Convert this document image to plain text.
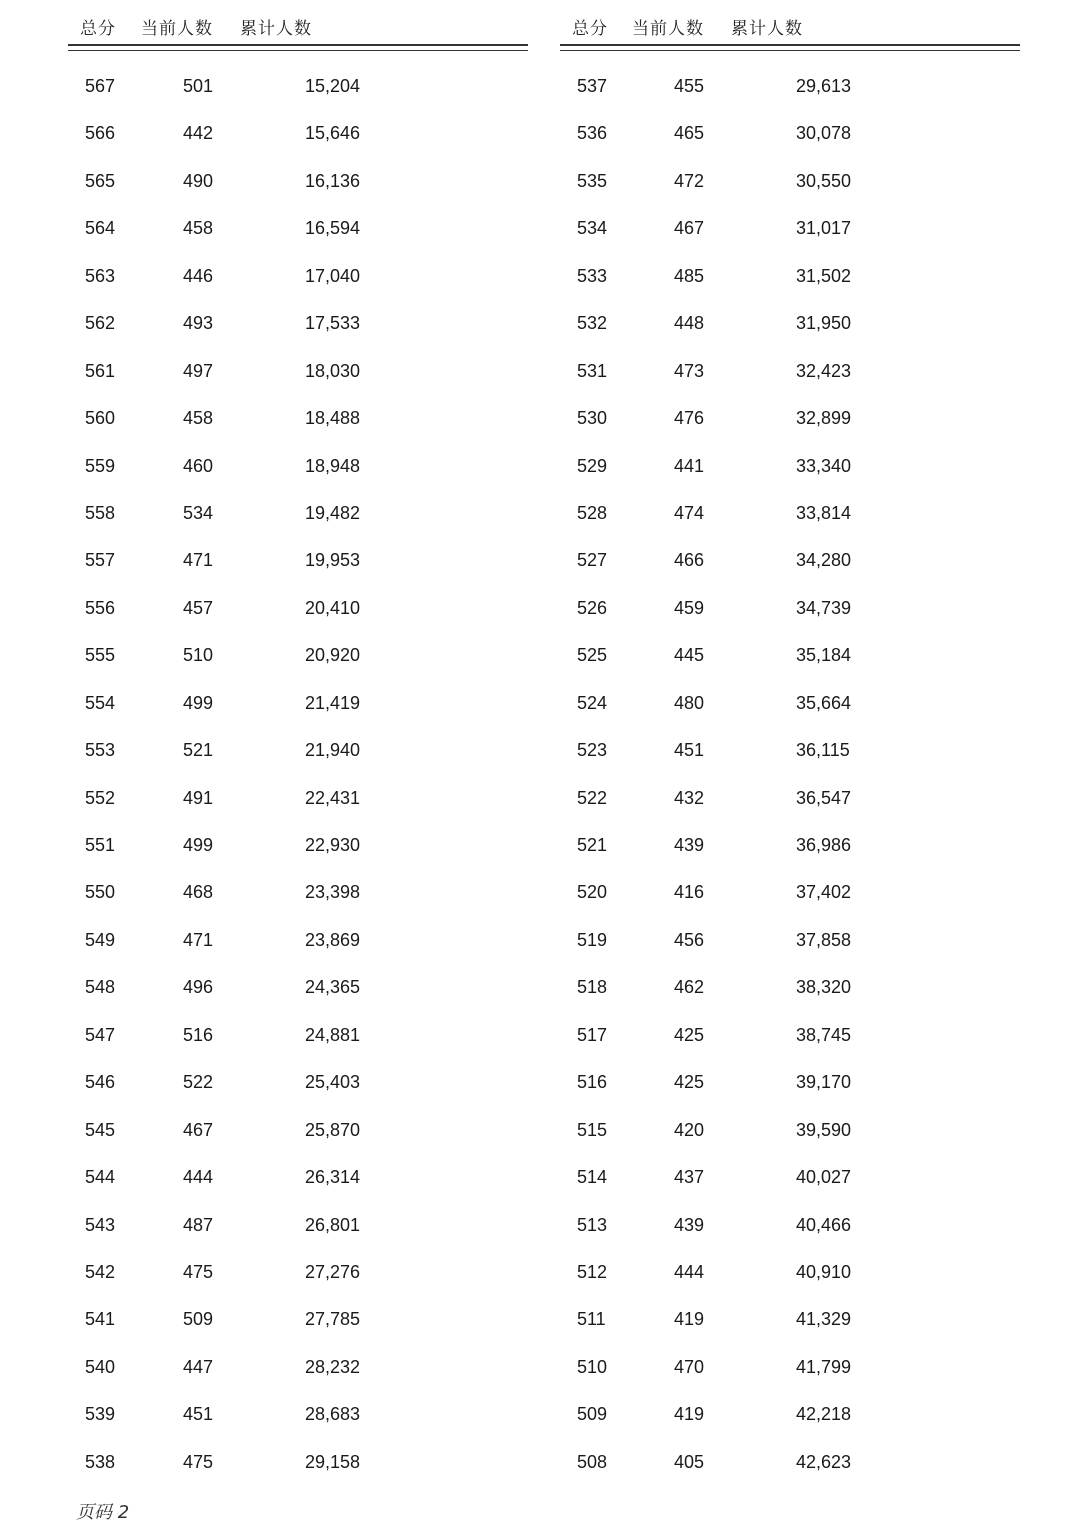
总分 当前人数 累计人数	总分 当前人数 累计人数
567	501	15,204
566	442	15,646
565	490	16,136
564	458	16,594
563	446	17,040
562	493	17,533
561	497	18,030
560	458	18,488
559	460	18,948
558	534	19,482
557	471	19,953
556	457	20,410
555	510	20,920
554	499	21,419
553	521	21,940
552	491	22,431
551	499	22,930
550	468	23,398
549	471	23,869
548	496	24,365
547	516	24,881
546	522	25,403
545	467	25,870
544	444	26,314
543	487	26,801
542	475	27,276
541	509	27,785
540	447	28,232
539	451	28,683
538	475	29,158
537	455	29,613
536	465	30,078
535	472	30,550
534	467	31,017
533	485	31,502
532	448	31,950
531	473	32,423
530	476	32,899
529	441	33,340
528	474	33,814
527	466	34,280
526	459	34,739
525	445	35,184
524	480	35,664
523	451	36,115
522	432	36,547
521	439	36,986
520	416	37,402
519	456	37,858
518	462	38,320
517	425	38,745
516	425	39,170
515	420	39,590
514	437	40,027
513	439	40,466
512	444	40,910
511	419	41,329
510	470	41,799
509	419	42,218
508	405	42,623
页码 2
